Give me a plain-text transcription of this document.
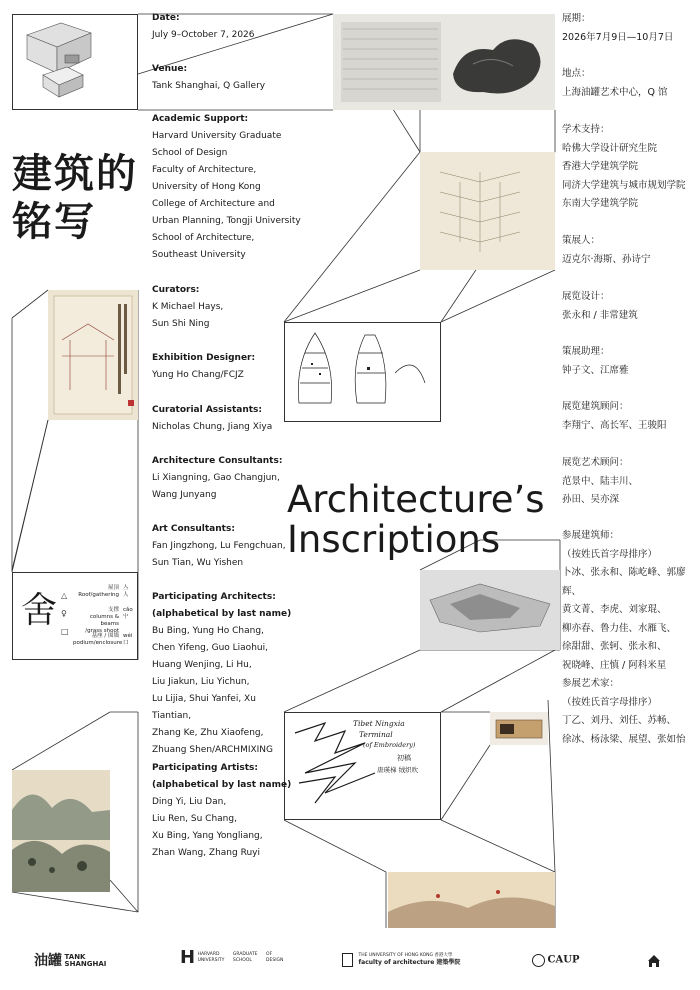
建筑的
铭写
舍 △
♀
□
屋顶
Roof/gathering
亼
人
支撑
columns & beams
/grass shoot
cǎo
屮
基座 / 围墙
podium/enclosure
wéi
口
Architecture’s
Inscriptions
Tibet Ningxia
Terminal
(of Embroidery)
初稿
唐瑛梯 绒织吹
Date:
July 9–October 7, 2026
Venue:
Tank Shanghai, Q Gallery
Academic Support:
Harvard University Graduate
School of Design
Faculty of Architecture,
University of Hong Kong
College of Architecture and
Urban Planning, Tongji University
School of Architecture,
Southeast University
Curators:
K Michael Hays,
Sun Shi Ning
Exhibition Designer:
Yung Ho Chang/FCJZ
Curatorial Assistants:
Nicholas Chung, Jiang Xiya
Architecture Consultants:
Li Xiangning, Gao Changjun,
Wang Junyang
Art Consultants:
Fan Jingzhong, Lu Fengchuan,
Sun Tian, Wu Yishen
Participating Architects:
(alphabetical by last name)
Bu Bing, Yung Ho Chang,
Chen Yifeng, Guo Liaohui,
Huang Wenjing, Li Hu,
Liu Jiakun, Liu Yichun,
Lu Lijia, Shui Yanfei, Xu Tiantian,
Zhang Ke, Zhu Xiaofeng,
Zhuang Shen/ARCHMIXING
Participating Artists:
(alphabetical by last name)
Ding Yi, Liu Dan,
Liu Ren, Su Chang,
Xu Bing, Yang Yongliang,
Zhan Wang, Zhang Ruyi
展期：
2026年7月9日—10月7日
地点：
上海油罐艺术中心，Q 馆
学术支持：
哈佛大学设计研究生院
香港大学建筑学院
同济大学建筑与城市规划学院
东南大学建筑学院
策展人：
迈克尔·海斯、孙诗宁
展览设计：
张永和 / 非常建筑
策展助理：
钟子文、江席雅
展览建筑顾问：
李翔宁、高长军、王骏阳
展览艺术顾问：
范景中、陆丰川、
孙田、吴亦深
参展建筑师：
（按姓氏首字母排序）
卜冰、张永和、陈屹峰、郭廖辉、
黄文菁、李虎、刘家琨、
柳亦春、鲁力佳、水雁飞、
徐甜甜、张轲、张永和、
祝晓峰、庄慎 / 阿科米星
参展艺术家：
（按姓氏首字母排序）
丁乙、刘丹、刘任、苏畅、
徐冰、杨泳梁、展望、张如怡
油罐 TANK
SHANGHAI	H HARVARD
UNIVERSITY GRADUATE
SCHOOL OF
DESIGN

THE UNIVERSITY OF HONG KONG 香港大學
faculty of architecture 建築學院	CAUP
